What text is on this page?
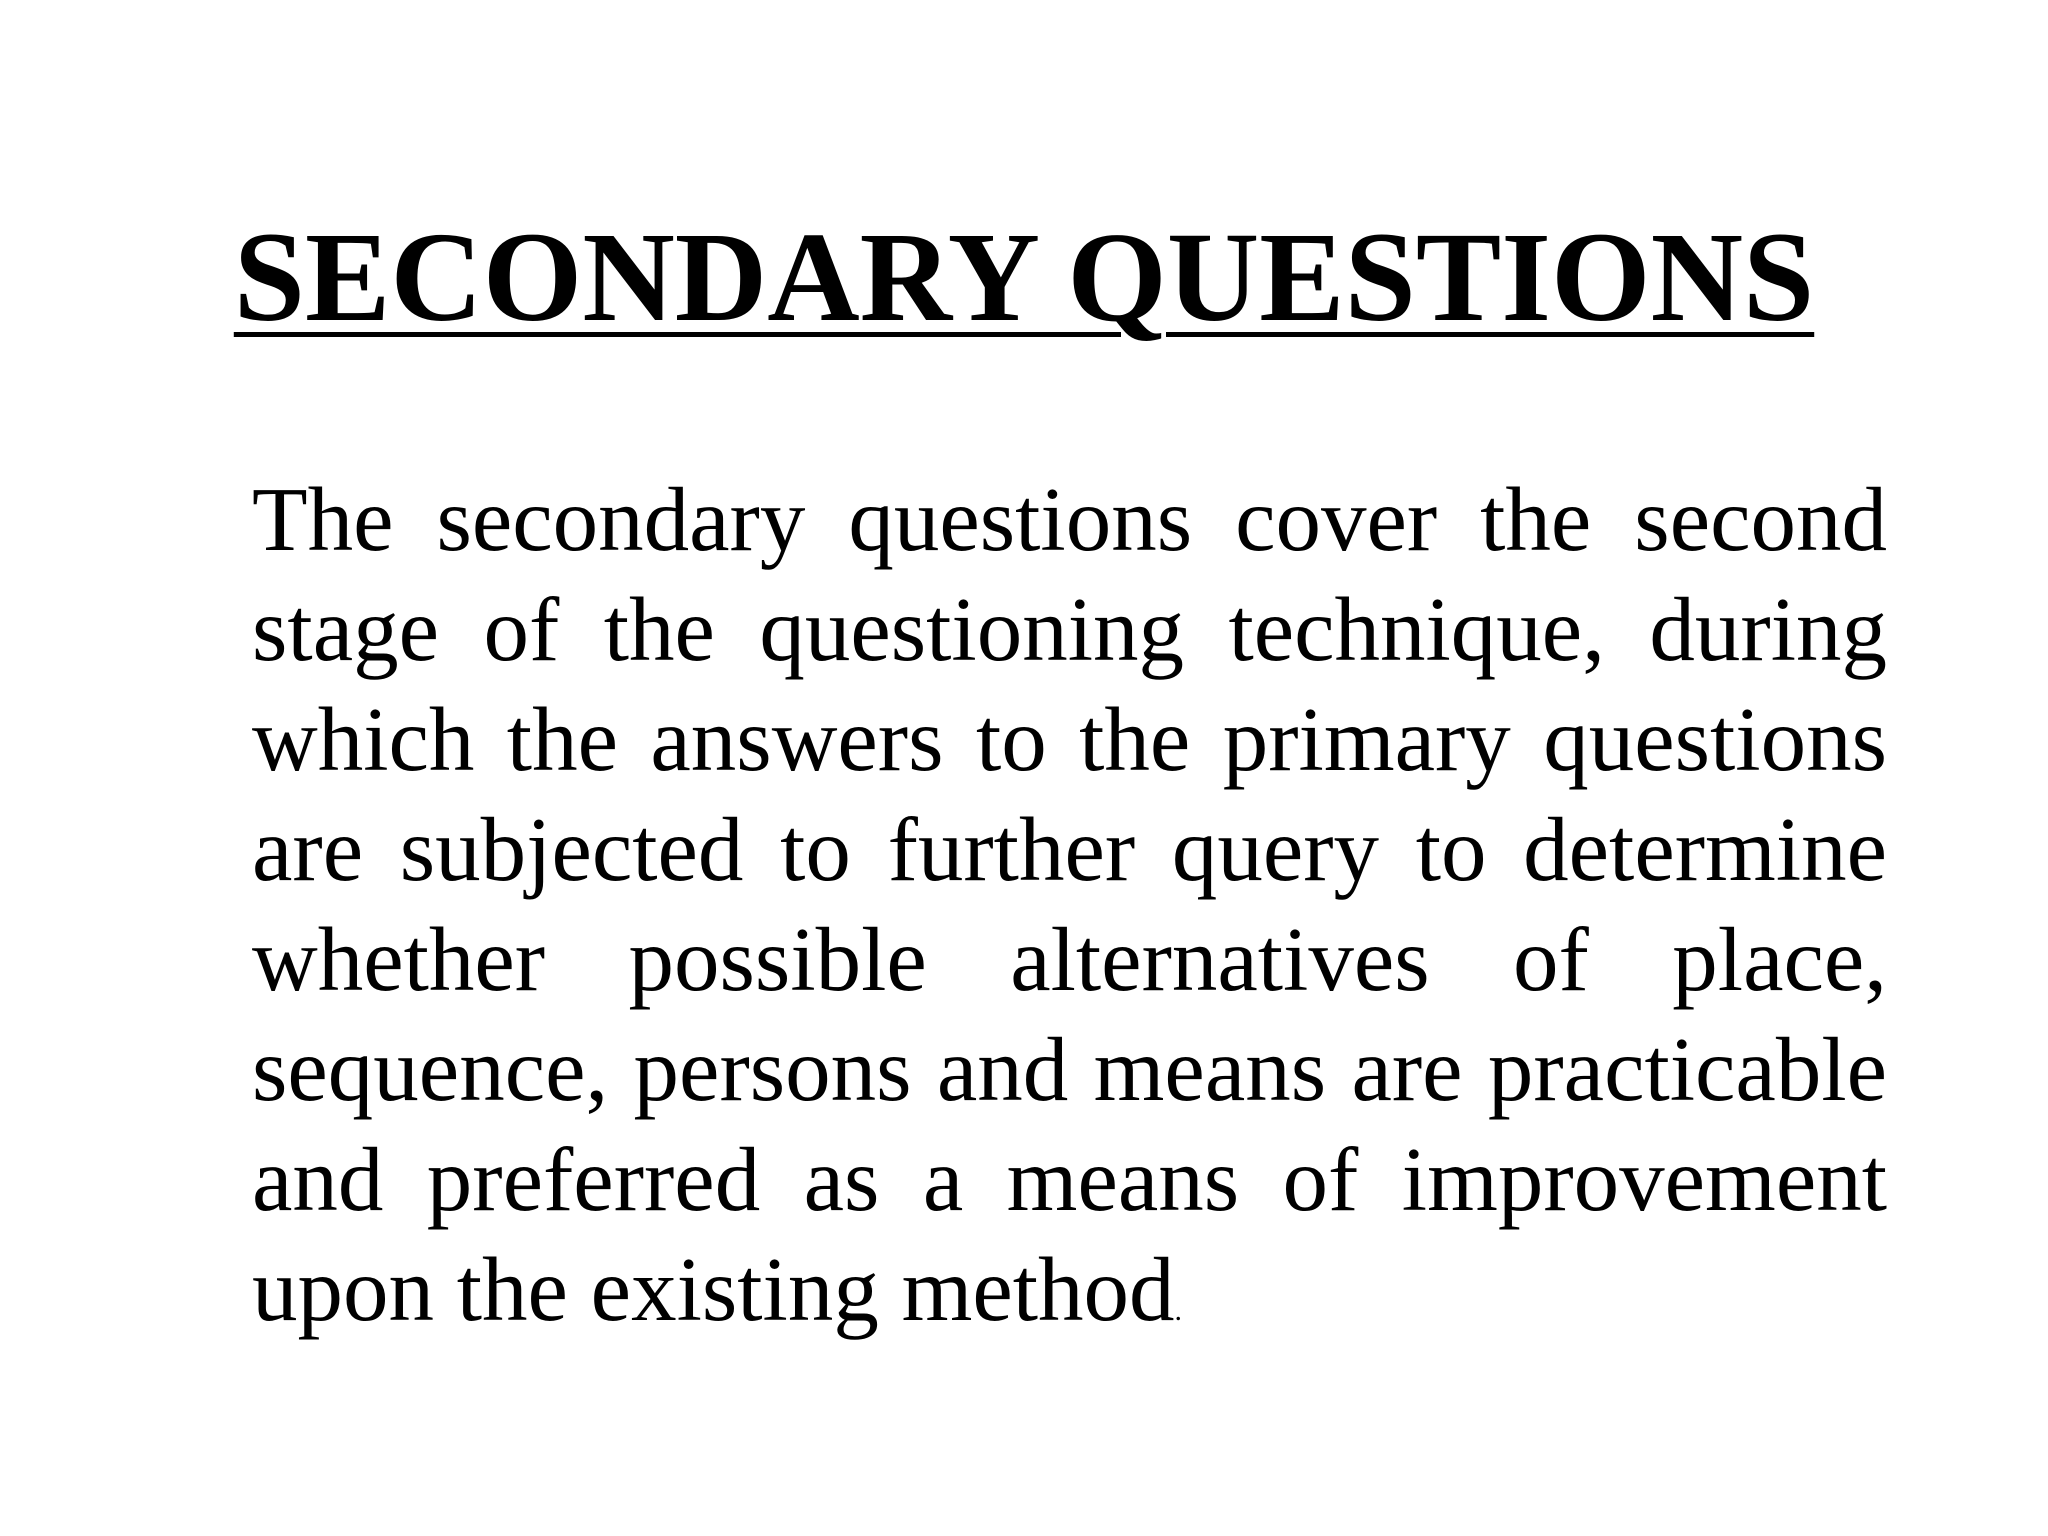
SECONDARY QUESTIONS

The secondary questions cover the second stage of the questioning technique, during which the answers to the primary questions are subjected to further query to determine whether possible alternatives of place, sequence, persons and means are practicable and preferred as a means of improvement upon the existing method.
